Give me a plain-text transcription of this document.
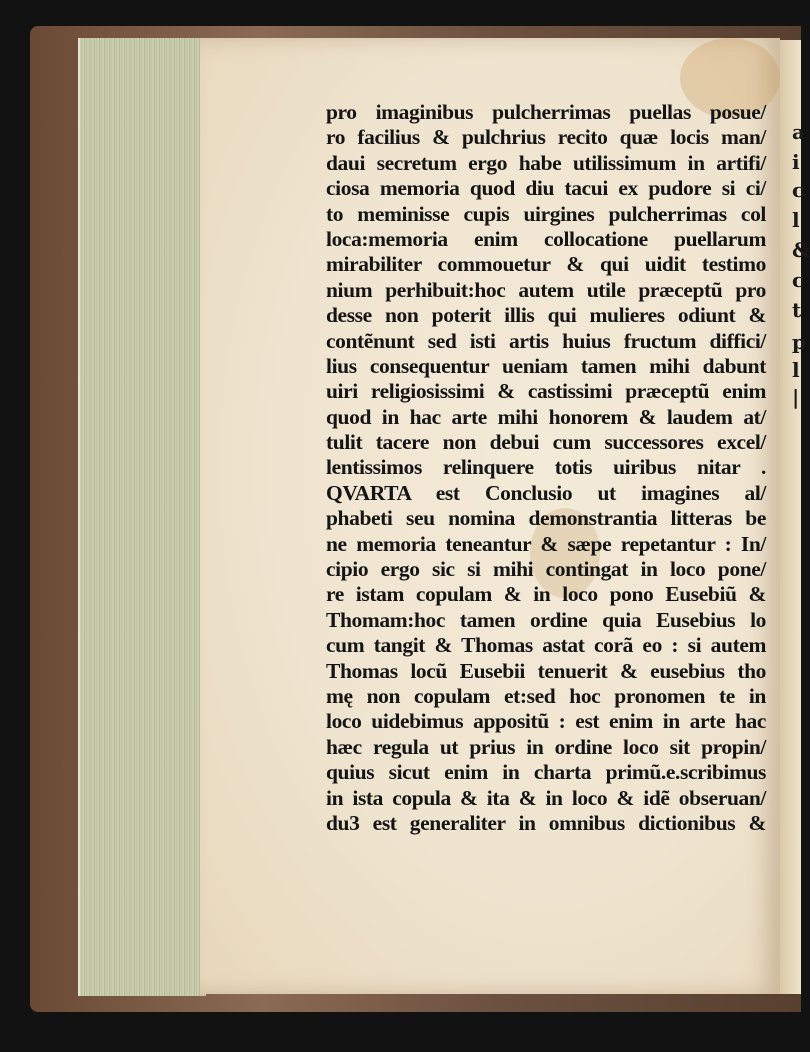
a
i
c
l
&
c
t
p
l
|
pro imaginibus pulcherrimas puellas posue/
ro facilius & pulchrius recito quæ locis man/
daui secretum ergo habe utilissimum in artifi/
ciosa memoria quod diu tacui ex pudore si ci/
to meminisse cupis uirgines pulcherrimas col
loca:memoria enim collocatione puellarum
mirabiliter commouetur & qui uidit testimo
nium perhibuit:hoc autem utile præceptũ pro
desse non poterit illis qui mulieres odiunt &
contẽnunt sed isti artis huius fructum diffici/
lius consequentur ueniam tamen mihi dabunt
uiri religiosissimi & castissimi præceptũ enim
quod in hac arte mihi honorem & laudem at/
tulit tacere non debui cum successores excel/
lentissimos relinquere totis uiribus nitar .
QVARTA est Conclusio ut imagines al/
phabeti seu nomina demonstrantia litteras be
ne memoria teneantur & sæpe repetantur : In/
cipio ergo sic si mihi contingat in loco pone/
re istam copulam & in loco pono Eusebiũ &
Thomam:hoc tamen ordine quia Eusebius lo
cum tangit & Thomas astat corã eo : si autem
Thomas locũ Eusebii tenuerit & eusebius tho
mę non copulam et:sed hoc pronomen te in
loco uidebimus appositũ : est enim in arte hac
hæc regula ut prius in ordine loco sit propin/
quius sicut enim in charta primũ.e.scribimus
in ista copula & ita & in loco & idẽ obseruan/
du3 est generaliter in omnibus dictionibus &
